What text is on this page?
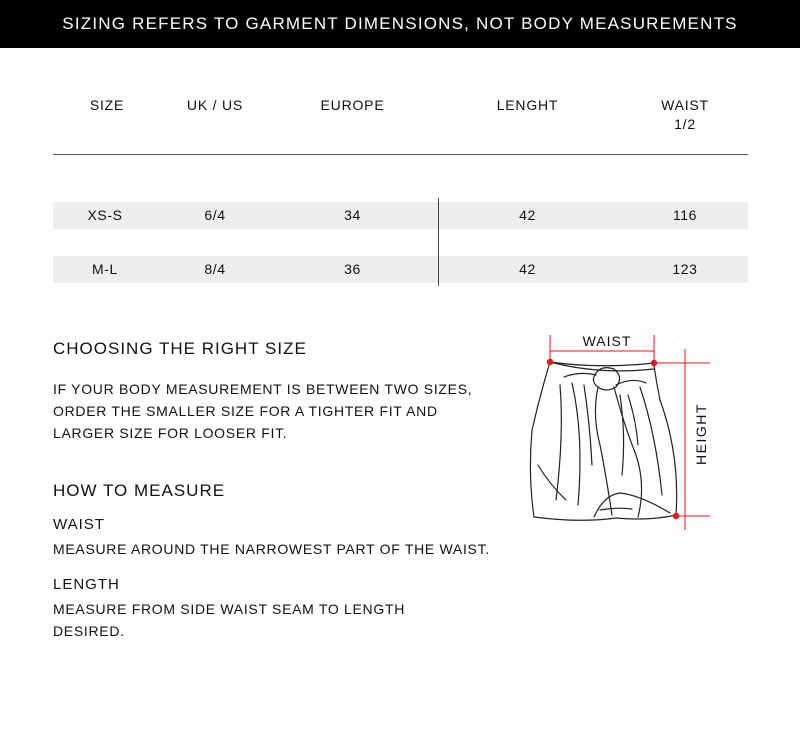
SIZING REFERS TO GARMENT DIMENSIONS, NOT BODY MEASUREMENTS
SIZE	UK / US	EUROPE	LENGHT	WAIST
1/2
XS-S	6/4	34	42	116
M-L	8/4	36	42	123
CHOOSING THE RIGHT SIZE
IF YOUR BODY MEASUREMENT IS BETWEEN TWO SIZES,
ORDER THE SMALLER SIZE FOR A TIGHTER FIT AND
LARGER SIZE FOR LOOSER FIT.
HOW TO MEASURE
WAIST
MEASURE AROUND THE NARROWEST PART OF THE WAIST.
LENGTH
MEASURE FROM SIDE WAIST SEAM TO LENGTH
DESIRED.
WAIST
HEIGHT
